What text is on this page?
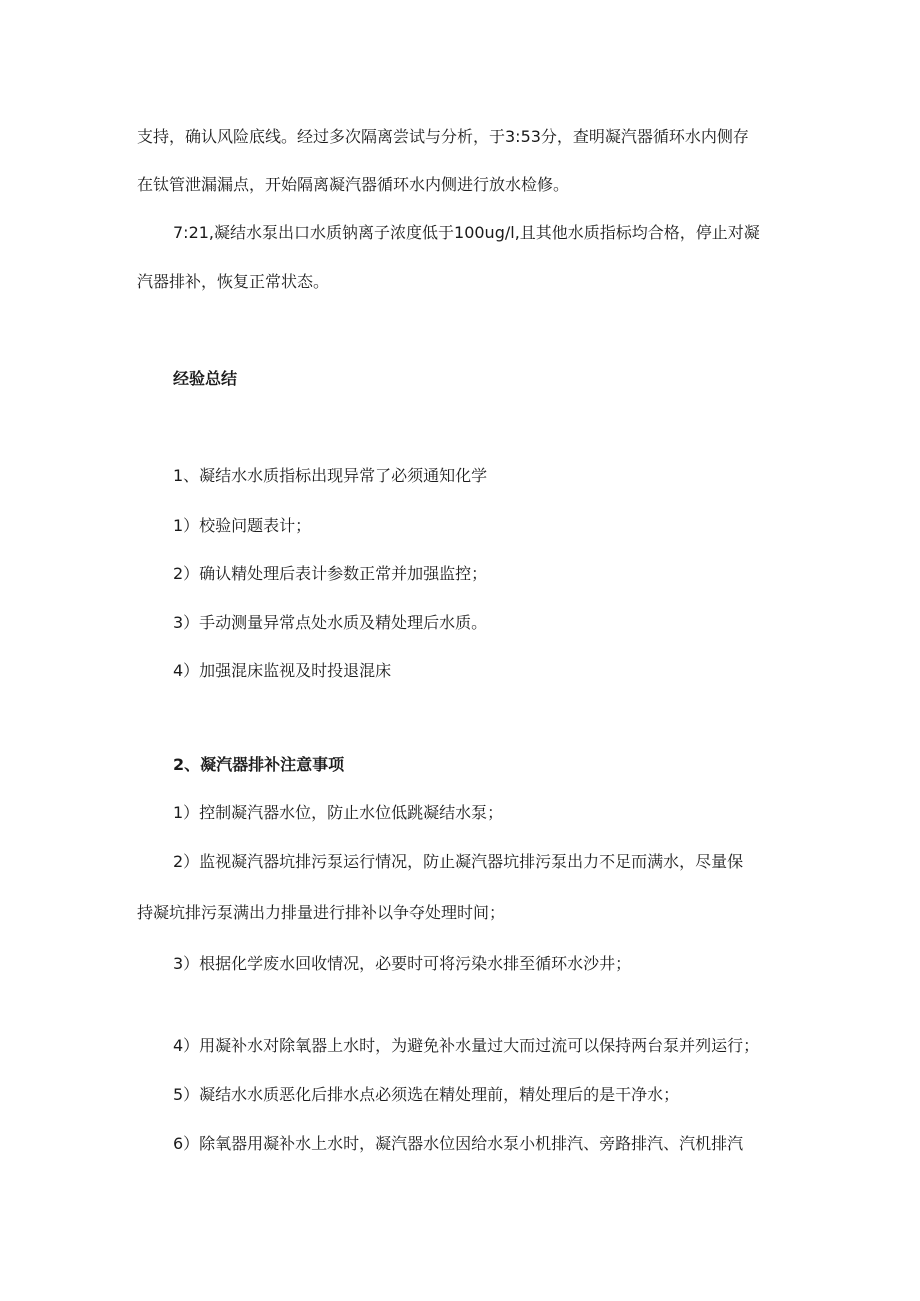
支持，确认风险底线。经过多次隔离尝试与分析，于3:53分，查明凝汽器循环水内侧存

在钛管泄漏漏点，开始隔离凝汽器循环水内侧进行放水检修。

7:21,凝结水泵出口水质钠离子浓度低于100ug/l,且其他水质指标均合格，停止对凝

汽器排补，恢复正常状态。

经验总结

1、凝结水水质指标出现异常了必须通知化学

1）校验问题表计；

2）确认精处理后表计参数正常并加强监控；

3）手动测量异常点处水质及精处理后水质。

4）加强混床监视及时投退混床

2、凝汽器排补注意事项

1）控制凝汽器水位，防止水位低跳凝结水泵；

2）监视凝汽器坑排污泵运行情况，防止凝汽器坑排污泵出力不足而满水，尽量保

持凝坑排污泵满出力排量进行排补以争夺处理时间；

3）根据化学废水回收情况，必要时可将污染水排至循环水沙井；

4）用凝补水对除氧器上水时，为避免补水量过大而过流可以保持两台泵并列运行；

5）凝结水水质恶化后排水点必须选在精处理前，精处理后的是干净水；

6）除氧器用凝补水上水时，凝汽器水位因给水泵小机排汽、旁路排汽、汽机排汽
